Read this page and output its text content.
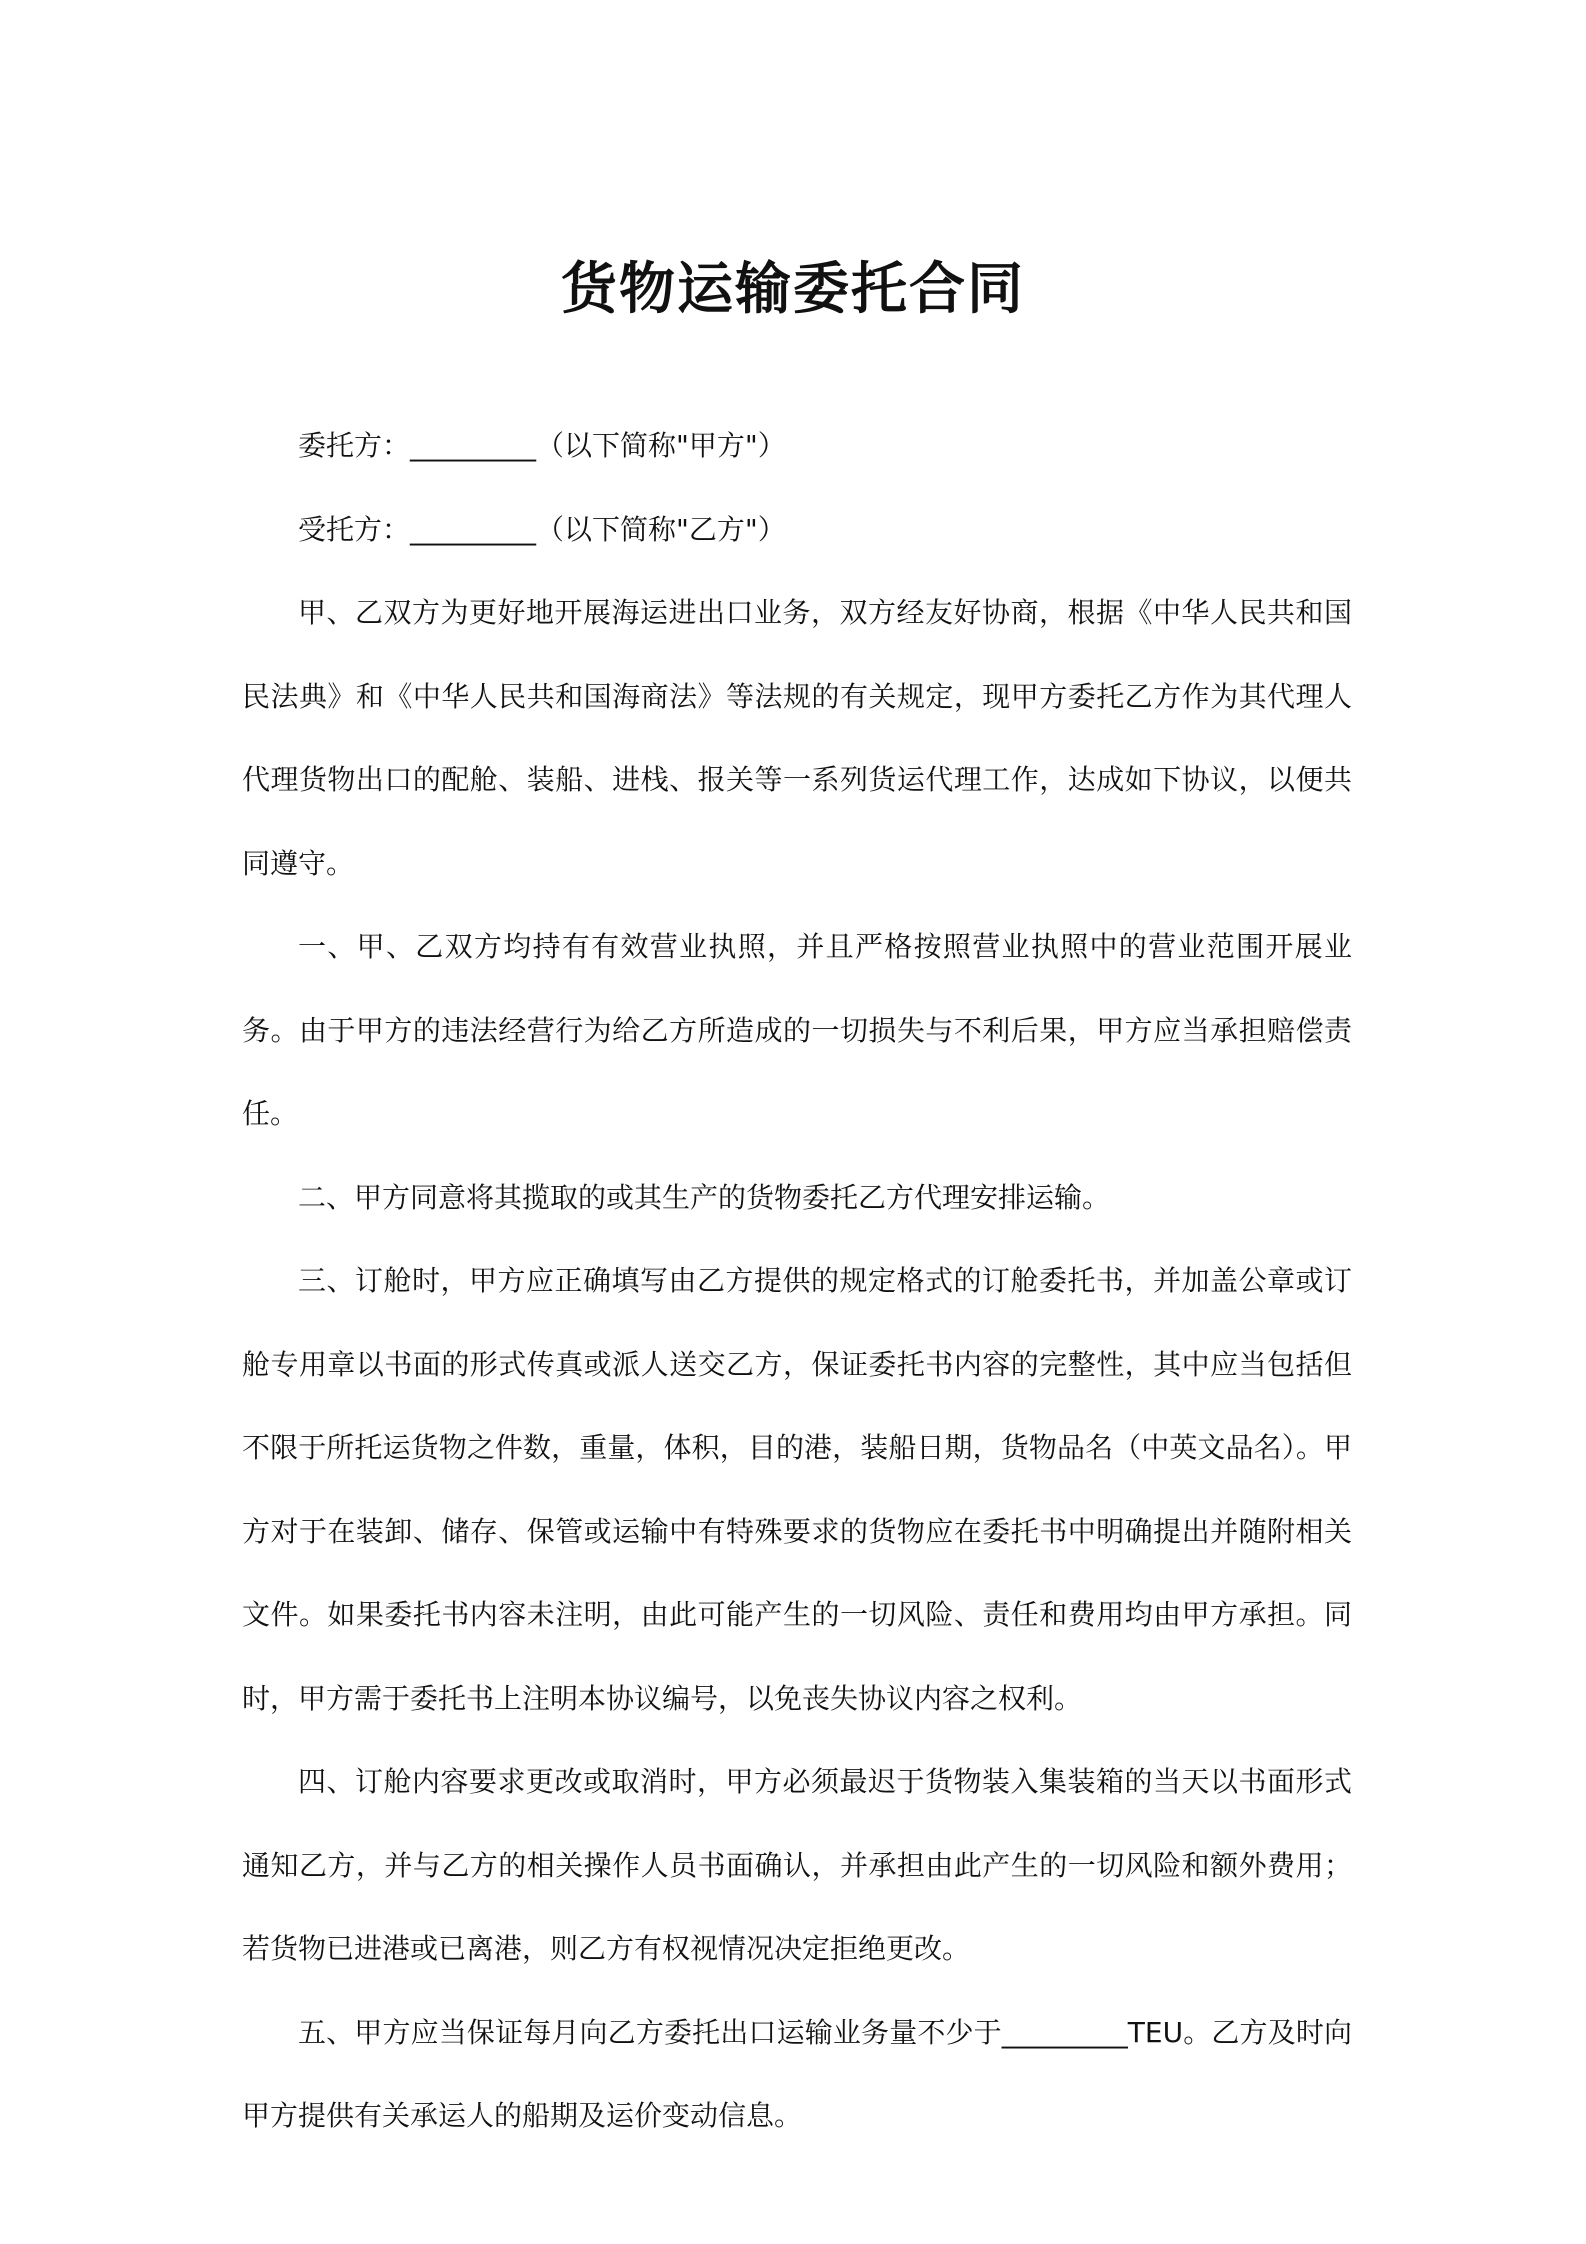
货物运输委托合同

委托方：_________（以下简称"甲方"）

受托方：_________（以下简称"乙方"）

甲、乙双方为更好地开展海运进出口业务，双方经友好协商，根据《中华人民共和国民法典》和《中华人民共和国海商法》等法规的有关规定，现甲方委托乙方作为其代理人代理货物出口的配舱、装船、进栈、报关等一系列货运代理工作，达成如下协议，以便共同遵守。

一、甲、乙双方均持有有效营业执照，并且严格按照营业执照中的营业范围开展业务。由于甲方的违法经营行为给乙方所造成的一切损失与不利后果，甲方应当承担赔偿责任。

二、甲方同意将其揽取的或其生产的货物委托乙方代理安排运输。

三、订舱时，甲方应正确填写由乙方提供的规定格式的订舱委托书，并加盖公章或订舱专用章以书面的形式传真或派人送交乙方，保证委托书内容的完整性，其中应当包括但不限于所托运货物之件数，重量，体积，目的港，装船日期，货物品名（中英文品名）。甲方对于在装卸、储存、保管或运输中有特殊要求的货物应在委托书中明确提出并随附相关文件。如果委托书内容未注明，由此可能产生的一切风险、责任和费用均由甲方承担。同时，甲方需于委托书上注明本协议编号，以免丧失协议内容之权利。

四、订舱内容要求更改或取消时，甲方必须最迟于货物装入集装箱的当天以书面形式通知乙方，并与乙方的相关操作人员书面确认，并承担由此产生的一切风险和额外费用；若货物已进港或已离港，则乙方有权视情况决定拒绝更改。

五、甲方应当保证每月向乙方委托出口运输业务量不少于_________TEU。乙方及时向甲方提供有关承运人的船期及运价变动信息。
